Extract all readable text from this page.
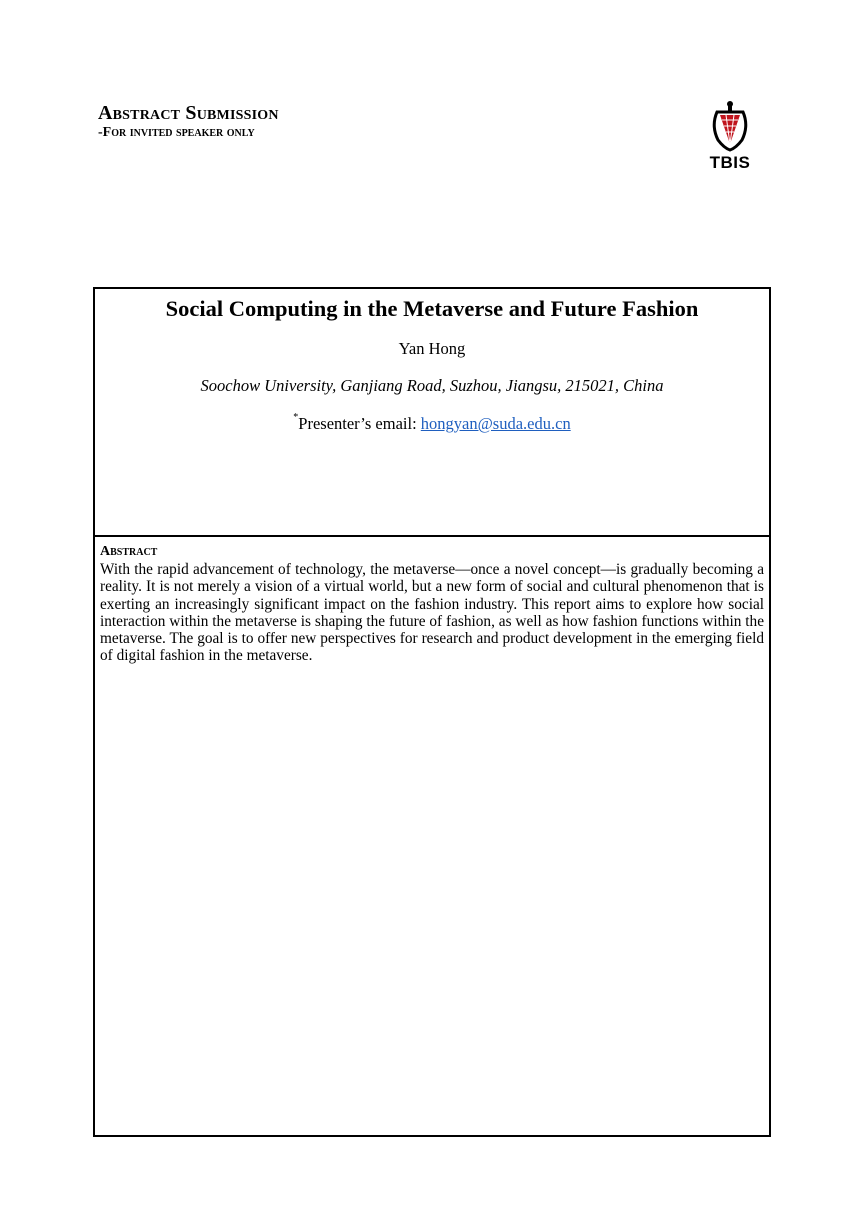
Abstract Submission
-For invited speaker only
TBIS
Social Computing in the Metaverse and Future Fashion
Yan Hong
Soochow University, Ganjiang Road, Suzhou, Jiangsu, 215021, China
*Presenter’s email: hongyan@suda.edu.cn
Abstract
With the rapid advancement of technology, the metaverse—once a novel concept—is gradually becoming a reality. It is not merely a vision of a virtual world, but a new form of social and cultural phenomenon that is exerting an increasingly significant impact on the fashion industry. This report aims to explore how social interaction within the metaverse is shaping the future of fashion, as well as how fashion functions within the metaverse. The goal is to offer new perspectives for research and product development in the emerging field of digital fashion in the metaverse.
